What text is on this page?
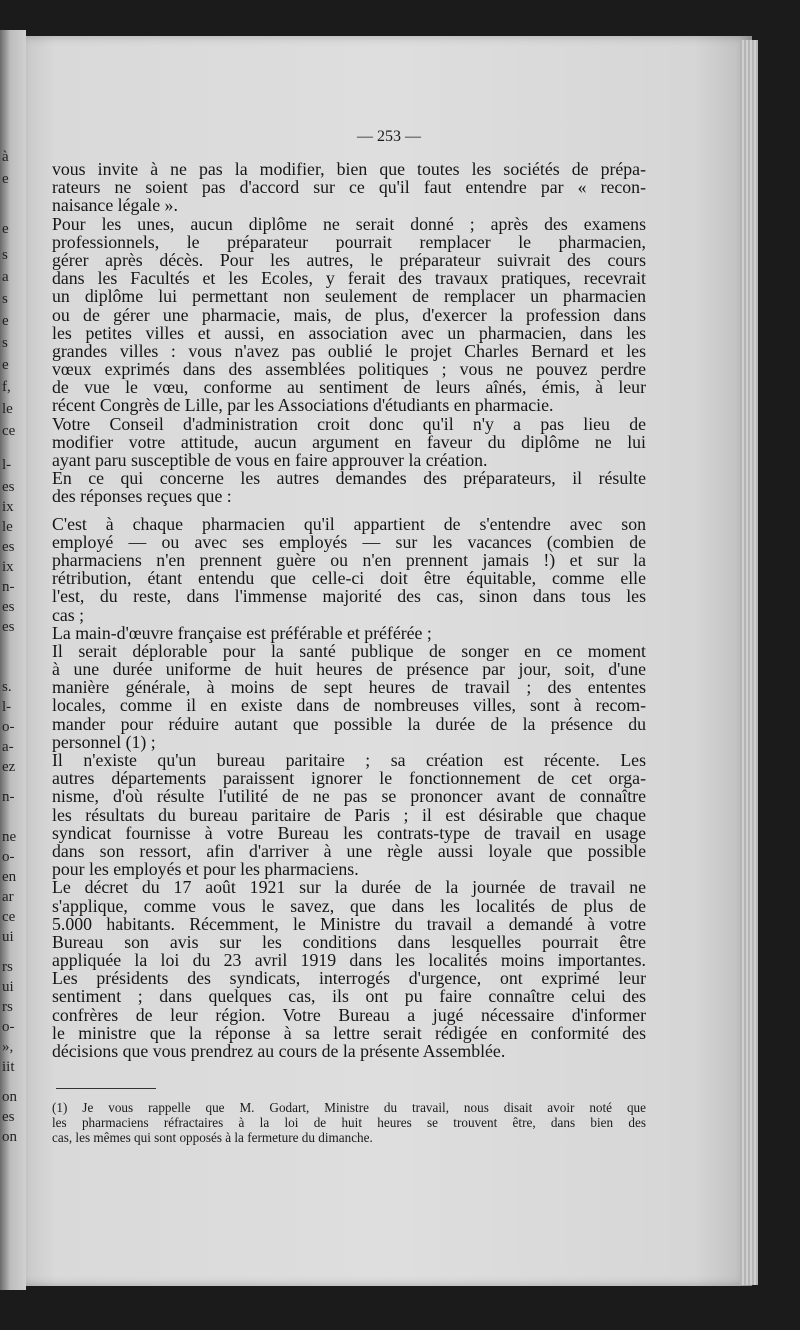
à
e
e
s
a
s
e
s
e
f,
le
ce
l-
es
ix
le
es
ix
n-
es
es
s.
l-
o-
a-
ez
n-
ne
o-
en
ar
ce
ui
rs
ui
rs
o-
»,
iit
on
es
on
— 253 —
vous invite à ne pas la modifier, bien que toutes les sociétés de prépa-
rateurs ne soient pas d'accord sur ce qu'il faut entendre par « recon-
naisance légale ».
Pour les unes, aucun diplôme ne serait donné ; après des examens
professionnels, le préparateur pourrait remplacer le pharmacien,
gérer après décès. Pour les autres, le préparateur suivrait des cours
dans les Facultés et les Ecoles, y ferait des travaux pratiques, recevrait
un diplôme lui permettant non seulement de remplacer un pharmacien
ou de gérer une pharmacie, mais, de plus, d'exercer la profession dans
les petites villes et aussi, en association avec un pharmacien, dans les
grandes villes : vous n'avez pas oublié le projet Charles Bernard et les
vœux exprimés dans des assemblées politiques ; vous ne pouvez perdre
de vue le vœu, conforme au sentiment de leurs aînés, émis, à leur
récent Congrès de Lille, par les Associations d'étudiants en pharmacie.
Votre Conseil d'administration croit donc qu'il n'y a pas lieu de
modifier votre attitude, aucun argument en faveur du diplôme ne lui
ayant paru susceptible de vous en faire approuver la création.
En ce qui concerne les autres demandes des préparateurs, il résulte
des réponses reçues que :
C'est à chaque pharmacien qu'il appartient de s'entendre avec son
employé — ou avec ses employés — sur les vacances (combien de
pharmaciens n'en prennent guère ou n'en prennent jamais !) et sur la
rétribution, étant entendu que celle-ci doit être équitable, comme elle
l'est, du reste, dans l'immense majorité des cas, sinon dans tous les
cas ;
La main-d'œuvre française est préférable et préférée ;
Il serait déplorable pour la santé publique de songer en ce moment
à une durée uniforme de huit heures de présence par jour, soit, d'une
manière générale, à moins de sept heures de travail ; des ententes
locales, comme il en existe dans de nombreuses villes, sont à recom-
mander pour réduire autant que possible la durée de la présence du
personnel (1) ;
Il n'existe qu'un bureau paritaire ; sa création est récente. Les
autres départements paraissent ignorer le fonctionnement de cet orga-
nisme, d'où résulte l'utilité de ne pas se prononcer avant de connaître
les résultats du bureau paritaire de Paris ; il est désirable que chaque
syndicat fournisse à votre Bureau les contrats-type de travail en usage
dans son ressort, afin d'arriver à une règle aussi loyale que possible
pour les employés et pour les pharmaciens.
Le décret du 17 août 1921 sur la durée de la journée de travail ne
s'applique, comme vous le savez, que dans les localités de plus de
5.000 habitants. Récemment, le Ministre du travail a demandé à votre
Bureau son avis sur les conditions dans lesquelles pourrait être
appliquée la loi du 23 avril 1919 dans les localités moins importantes.
Les présidents des syndicats, interrogés d'urgence, ont exprimé leur
sentiment ; dans quelques cas, ils ont pu faire connaître celui des
confrères de leur région. Votre Bureau a jugé nécessaire d'informer
le ministre que la réponse à sa lettre serait rédigée en conformité des
décisions que vous prendrez au cours de la présente Assemblée.
(1) Je vous rappelle que M. Godart, Ministre du travail, nous disait avoir noté que
les pharmaciens réfractaires à la loi de huit heures se trouvent être, dans bien des
cas, les mêmes qui sont opposés à la fermeture du dimanche.
